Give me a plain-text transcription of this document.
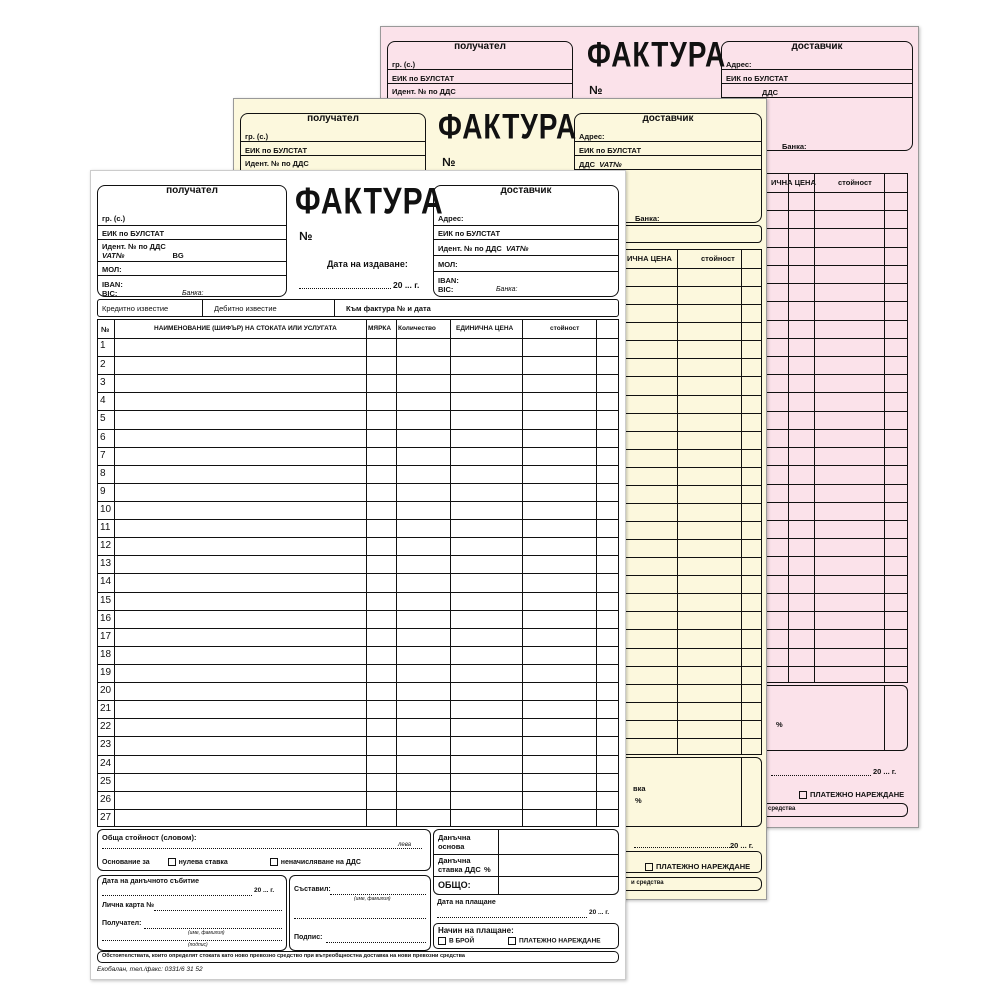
получател
гр. (с.)
ЕИК по БУЛСТАТ
Идент. № по ДДС
ФАКТУРА
№
доставчик
Адрес:
ЕИК по БУЛСТАТ
ДДС
Банка:
ИЧНА ЦЕНА	стойност
%
20 ... г.
ПЛАТЕЖНО НАРЕЖДАНЕ
средства
получател
гр. (с.)
ЕИК по БУЛСТАТ
Идент. № по ДДС
ФАКТУРА
№
доставчик
Адрес:
ЕИК по БУЛСТАТ
ДДС VAT№
Банка:
ИЧНА ЦЕНА	стойност
вка
%
20 ... г.
ПЛАТЕЖНО НАРЕЖДАНЕ
и средства
получател
гр. (с.)
ЕИК по БУЛСТАТ
Идент. № по ДДС
VAT№	BG
МОЛ:
IBAN:
BIC:	Банка:
ФАКТУРА
№
Дата на издаване:
20 ... г.
доставчик
Адрес:
ЕИК по БУЛСТАТ
Идент. № по ДДС VAT№
МОЛ:
IBAN:
BIC:	Банка:
Кредитно известие	Дебитно известие	Към фактура № и дата
№	НАИМЕНОВАНИЕ (ШИФЪР) НА СТОКАТА ИЛИ УСЛУГАТА	МЯРКА Количество	ЕДИНИЧНА ЦЕНА	стойност
1
2
3
4
5
6
7
8
9
10
11
12
13
14
15
16
17
18
19
20
21
22
23
24
25
26
27
Обща стойност (словом):
лева
Основание за	нулева ставка	неначисляване на ДДС
Данъчна основа
Данъчна ставка ДДС %
ОБЩО:
Дата на данъчното събитие
20 ... г.
Лична карта №
Получател:
(име, фамилия)
(подпис)
Съставил:
(име, фамилия)
Подпис:
Дата на плащане
20 ... г.
Начин на плащане:
В БРОЙ	ПЛАТЕЖНО НАРЕЖДАНЕ
Обстоятелствата, които определят стоката като ново превозно средство при вътреобщностна доставка на нови превозни средства
Екобалан, тел./факс: 0331/6 31 52
